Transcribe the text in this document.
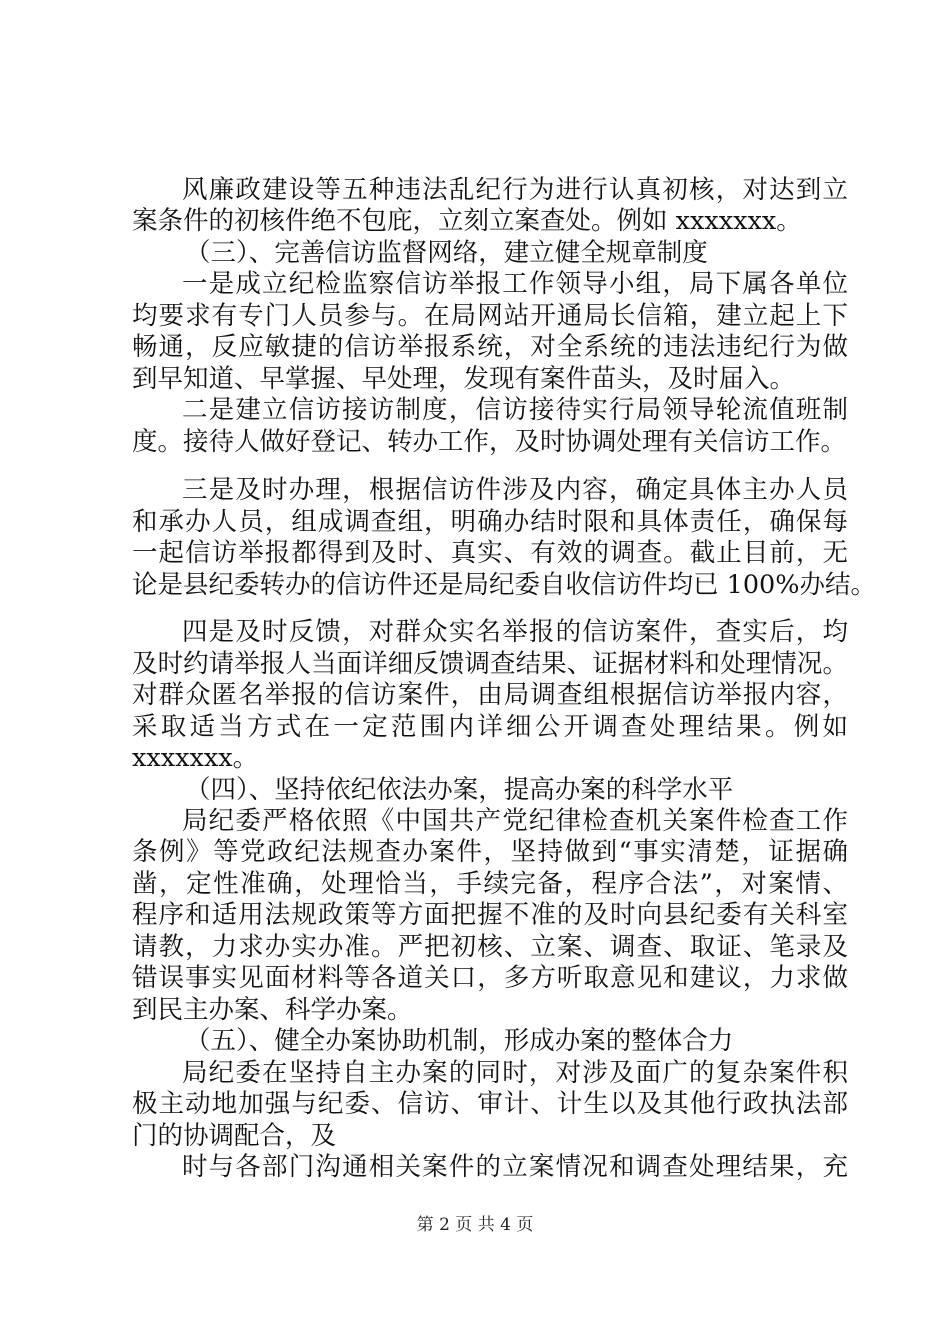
风廉政建设等五种违法乱纪行为进行认真初核，对达到立
案条件的初核件绝不包庇，立刻立案查处。例如 xxxxxxx。
（三）、完善信访监督网络，建立健全规章制度
一是成立纪检监察信访举报工作领导小组，局下属各单位
均要求有专门人员参与。在局网站开通局长信箱，建立起上下
畅通，反应敏捷的信访举报系统，对全系统的违法违纪行为做
到早知道、早掌握、早处理，发现有案件苗头，及时届入。
二是建立信访接访制度，信访接待实行局领导轮流值班制
度。接待人做好登记、转办工作，及时协调处理有关信访工作。
三是及时办理，根据信访件涉及内容，确定具体主办人员
和承办人员，组成调查组，明确办结时限和具体责任，确保每
一起信访举报都得到及时、真实、有效的调查。截止目前，无
论是县纪委转办的信访件还是局纪委自收信访件均已 100%办结。
四是及时反馈，对群众实名举报的信访案件，查实后，均
及时约请举报人当面详细反馈调查结果、证据材料和处理情况。
对群众匿名举报的信访案件，由局调查组根据信访举报内容，
采取适当方式在一定范围内详细公开调查处理结果。例如
xxxxxxx。
（四）、坚持依纪依法办案，提高办案的科学水平
局纪委严格依照《中国共产党纪律检查机关案件检查工作
条例》等党政纪法规查办案件，坚持做到“事实清楚，证据确
凿，定性准确，处理恰当，手续完备，程序合法”，对案情、
程序和适用法规政策等方面把握不准的及时向县纪委有关科室
请教，力求办实办准。严把初核、立案、调查、取证、笔录及
错误事实见面材料等各道关口，多方听取意见和建议，力求做
到民主办案、科学办案。
（五）、健全办案协助机制，形成办案的整体合力
局纪委在坚持自主办案的同时，对涉及面广的复杂案件积
极主动地加强与纪委、信访、审计、计生以及其他行政执法部
门的协调配合，及
时与各部门沟通相关案件的立案情况和调查处理结果，充
第 2 页 共 4 页
